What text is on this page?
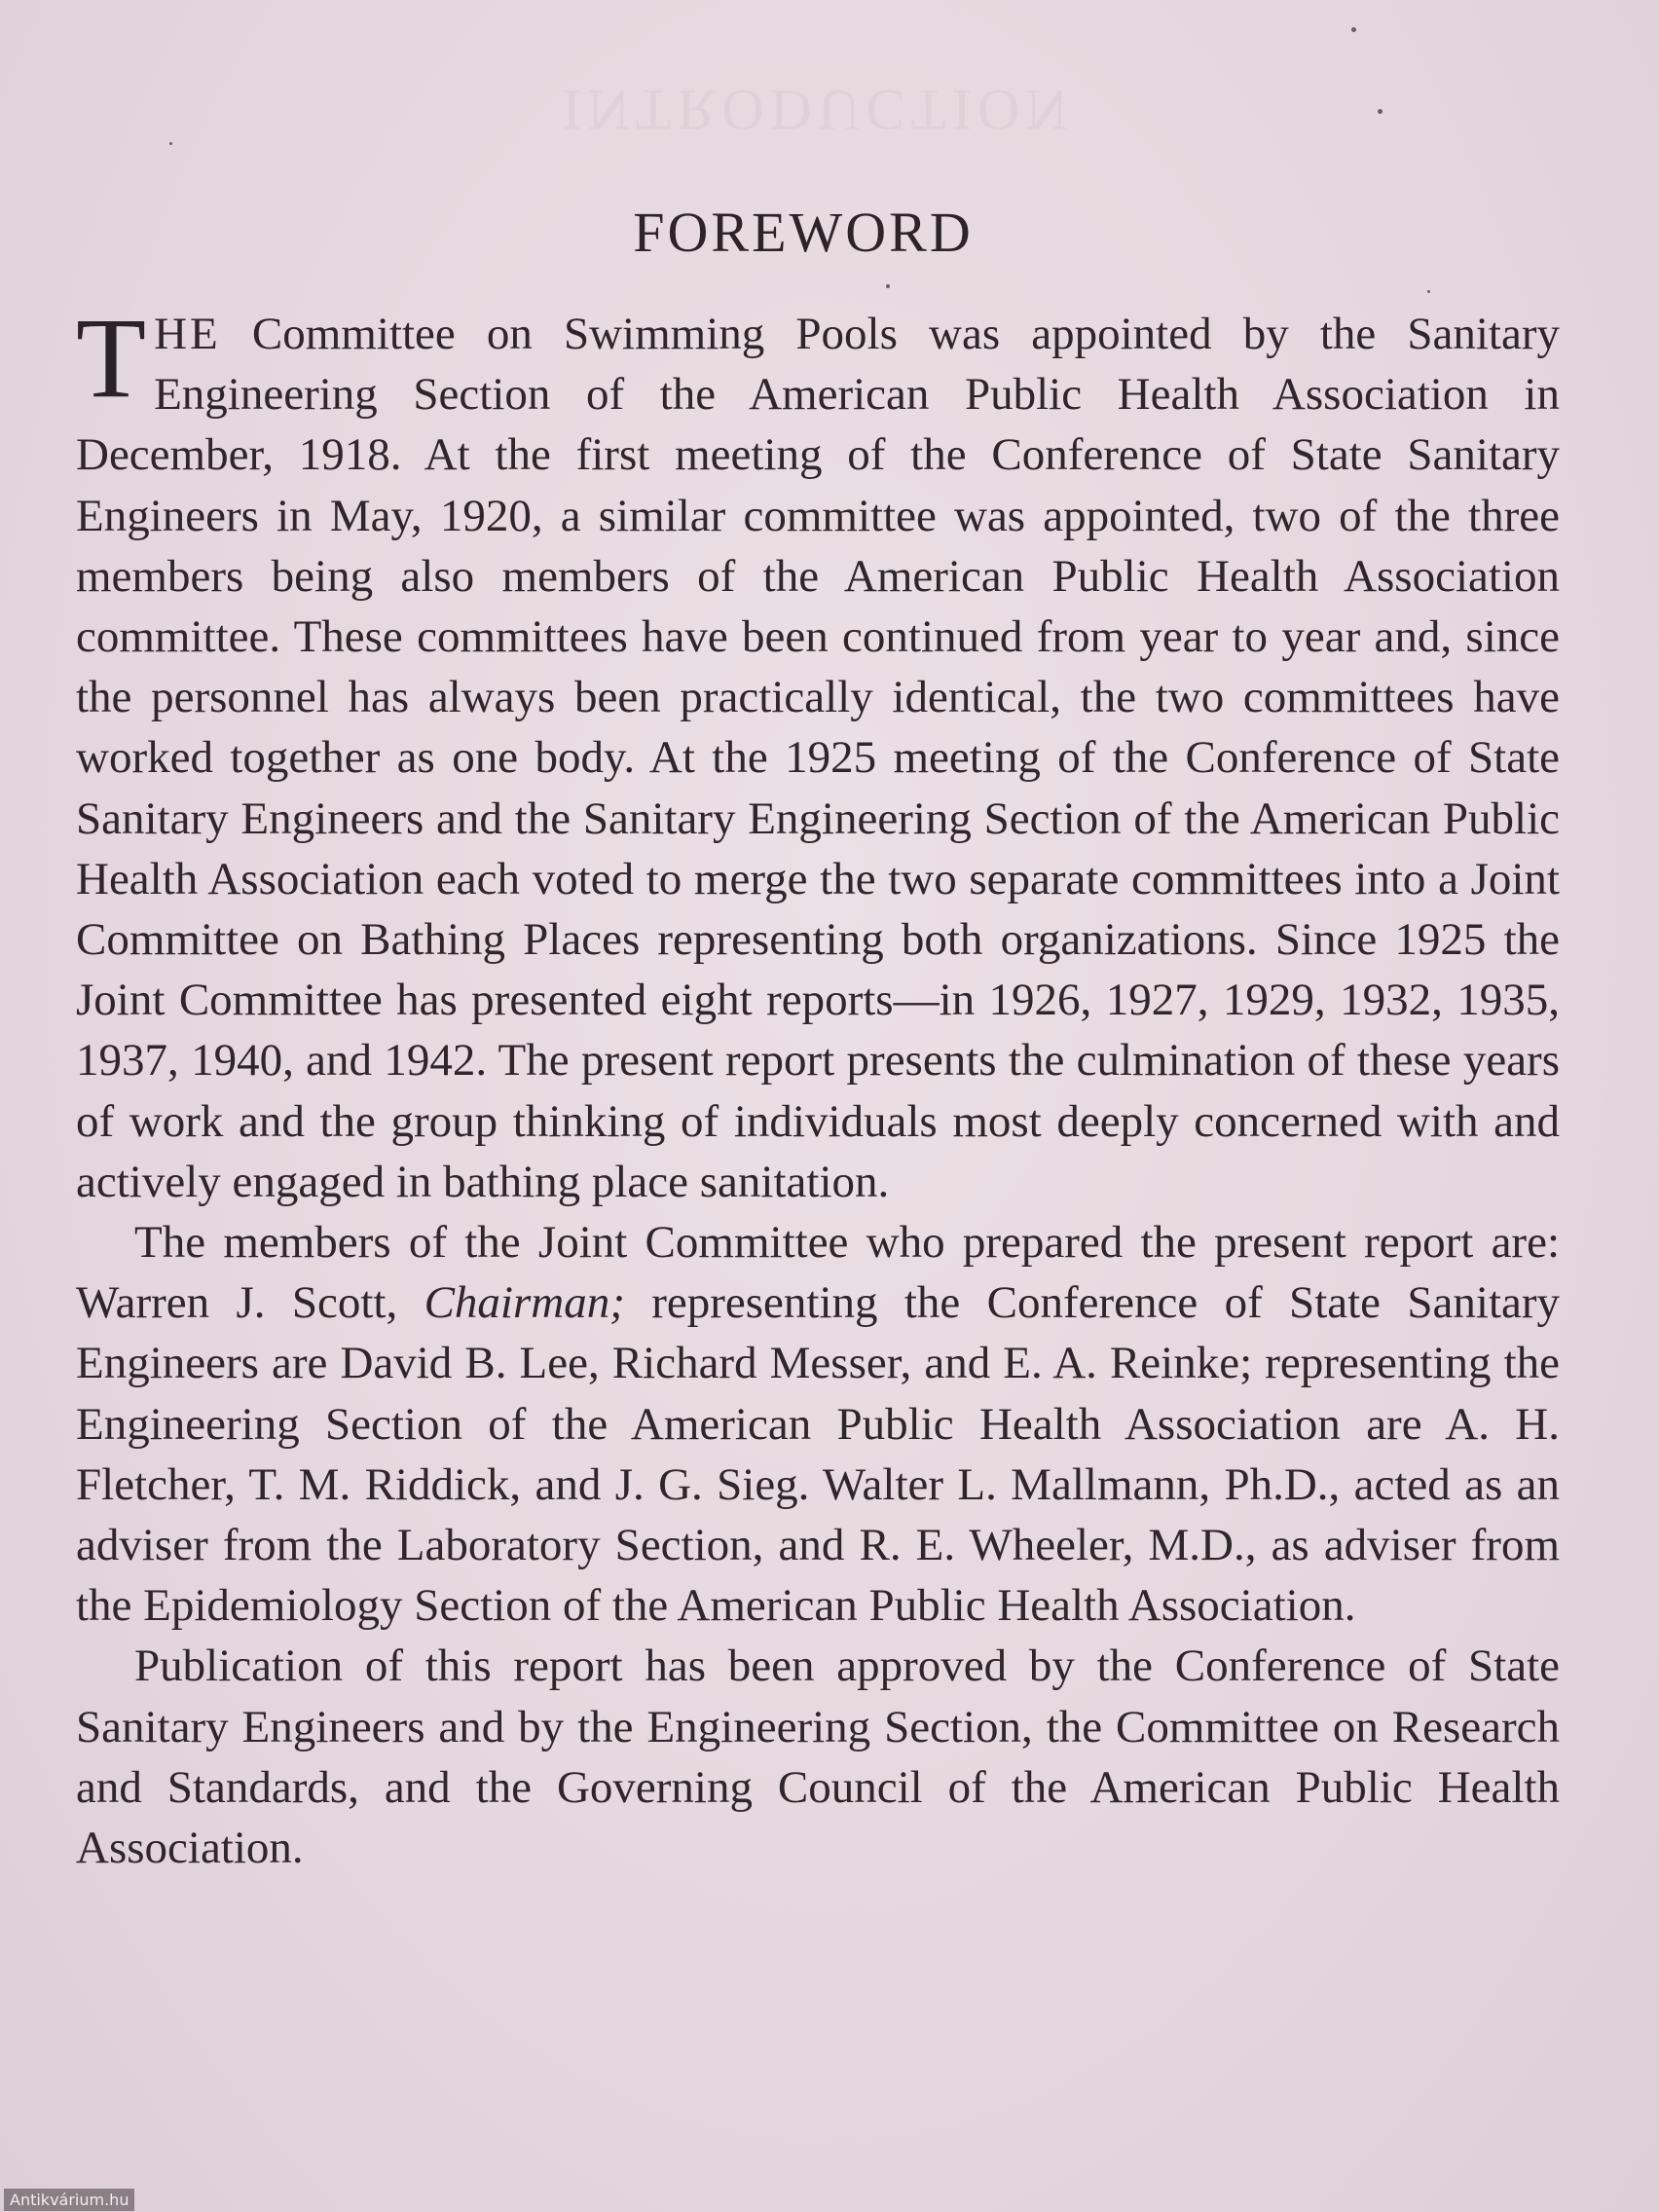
INTRODUCTION
FOREWORD

THE Committee on Swimming Pools was appointed by the Sanitary Engineering Section of the American Public Health Association in December, 1918. At the first meeting of the Conference of State Sanitary Engineers in May, 1920, a similar committee was appointed, two of the three members being also members of the American Public Health Association committee. These committees have been continued from year to year and, since the personnel has always been practically identical, the two committees have worked together as one body. At the 1925 meeting of the Conference of State Sanitary Engineers and the Sanitary Engineering Section of the American Public Health Association each voted to merge the two separate committees into a Joint Committee on Bathing Places representing both organizations. Since 1925 the Joint Committee has presented eight reports—in 1926, 1927, 1929, 1932, 1935, 1937, 1940, and 1942. The present report presents the culmination of these years of work and the group thinking of individuals most deeply concerned with and actively engaged in bathing place sanitation.

The members of the Joint Committee who prepared the present report are: Warren J. Scott, Chairman; representing the Conference of State Sanitary Engineers are David B. Lee, Richard Messer, and E. A. Reinke; representing the Engineering Section of the American Public Health Association are A. H. Fletcher, T. M. Riddick, and J. G. Sieg. Walter L. Mallmann, Ph.D., acted as an adviser from the Laboratory Section, and R. E. Wheeler, M.D., as adviser from the Epidemiology Section of the American Public Health Association.

Publication of this report has been approved by the Conference of State Sanitary Engineers and by the Engineering Section, the Committee on Research and Standards, and the Governing Council of the American Public Health Association.

Antikvárium.hu
